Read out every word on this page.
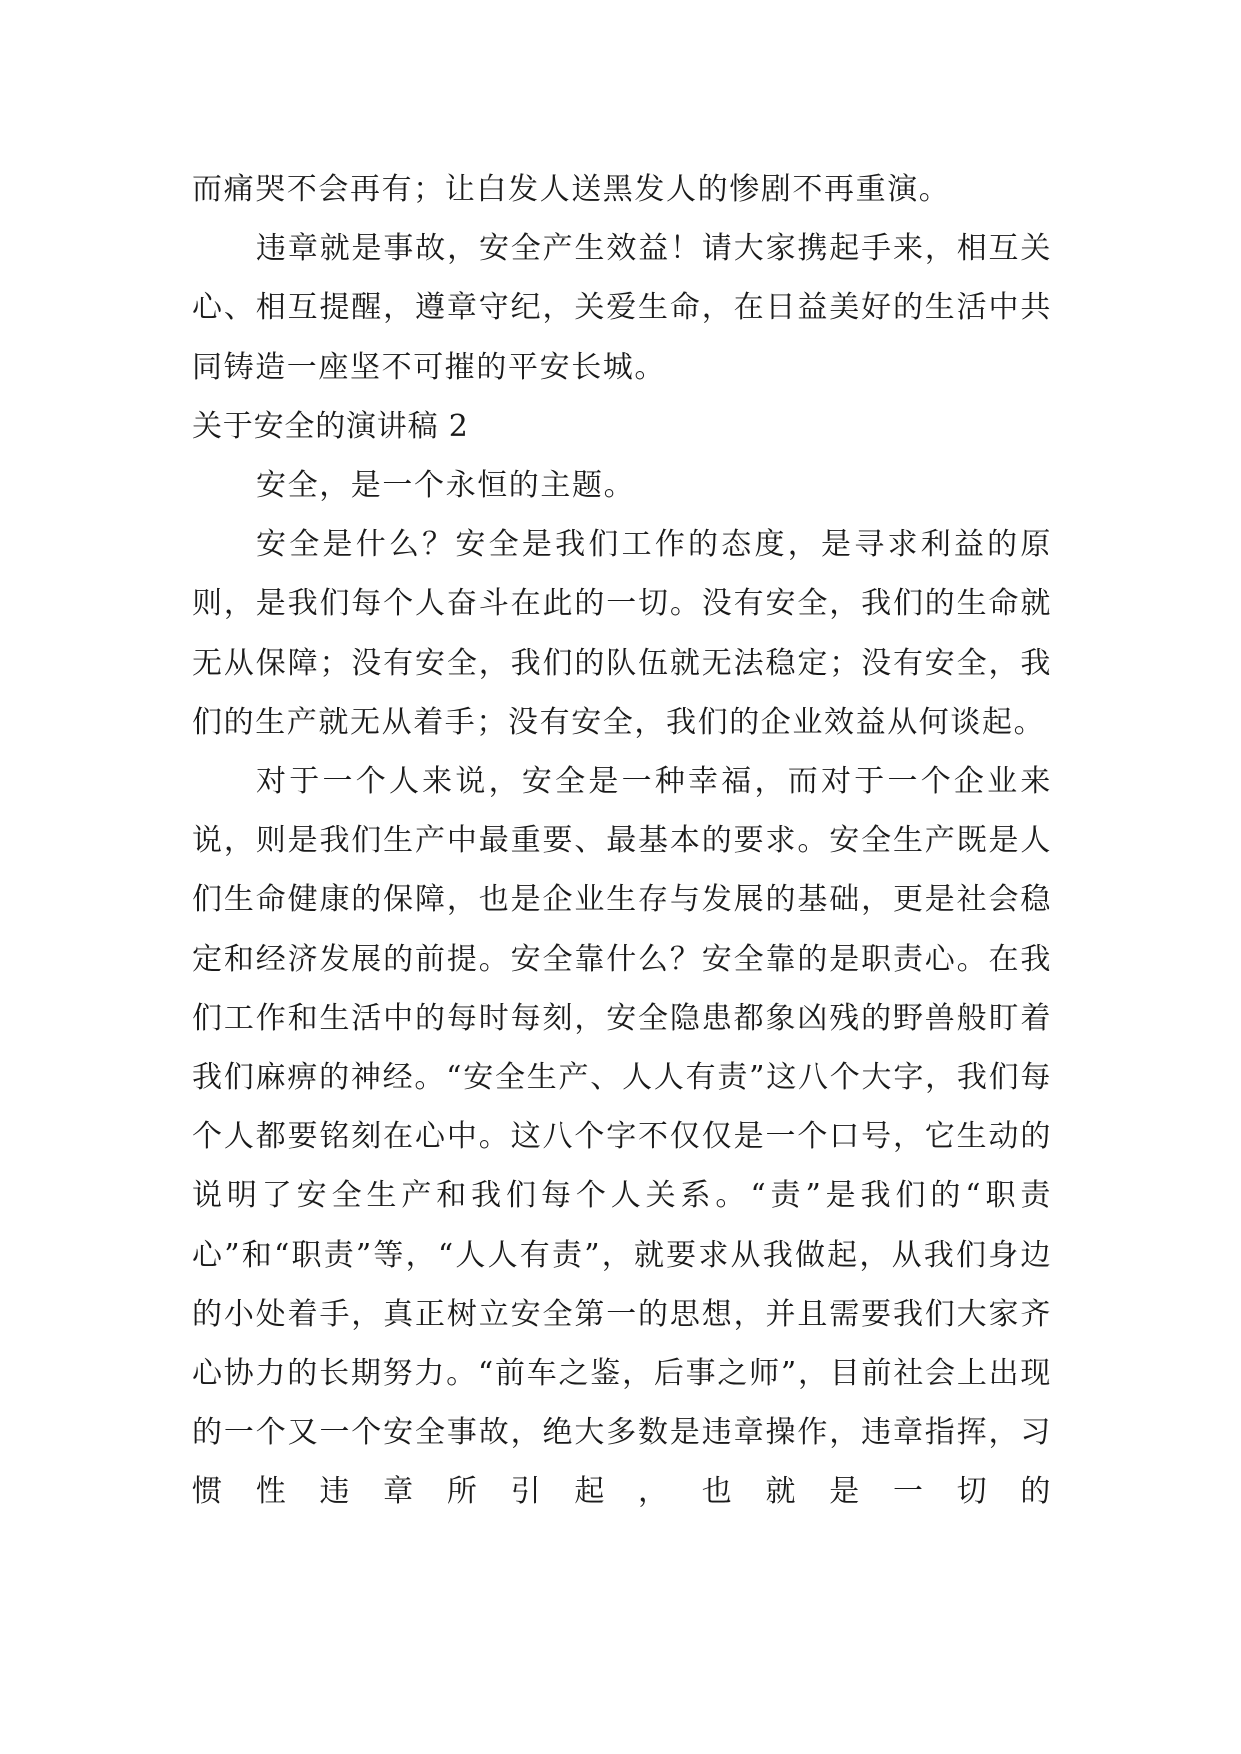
而痛哭不会再有；让白发人送黑发人的惨剧不再重演。

违章就是事故，安全产生效益！请大家携起手来，相互关心、相互提醒，遵章守纪，关爱生命，在日益美好的生活中共同铸造一座坚不可摧的平安长城。

关于安全的演讲稿 2

安全，是一个永恒的主题。

安全是什么？安全是我们工作的态度，是寻求利益的原则，是我们每个人奋斗在此的一切。没有安全，我们的生命就无从保障；没有安全，我们的队伍就无法稳定；没有安全，我们的生产就无从着手；没有安全，我们的企业效益从何谈起。

对于一个人来说，安全是一种幸福，而对于一个企业来说，则是我们生产中最重要、最基本的要求。安全生产既是人们生命健康的保障，也是企业生存与发展的基础，更是社会稳定和经济发展的前提。安全靠什么？安全靠的是职责心。在我们工作和生活中的每时每刻，安全隐患都象凶残的野兽般盯着我们麻痹的神经。“安全生产、人人有责”这八个大字，我们每个人都要铭刻在心中。这八个字不仅仅是一个口号，它生动的说明了安全生产和我们每个人关系。“责”是我们的“职责心”和“职责”等，“人人有责”，就要求从我做起，从我们身边的小处着手，真正树立安全第一的思想，并且需要我们大家齐心协力的长期努力。“前车之鉴，后事之师”，目前社会上出现的一个又一个安全事故，绝大多数是违章操作，违章指挥，习惯性违章所引起，也就是一切的
